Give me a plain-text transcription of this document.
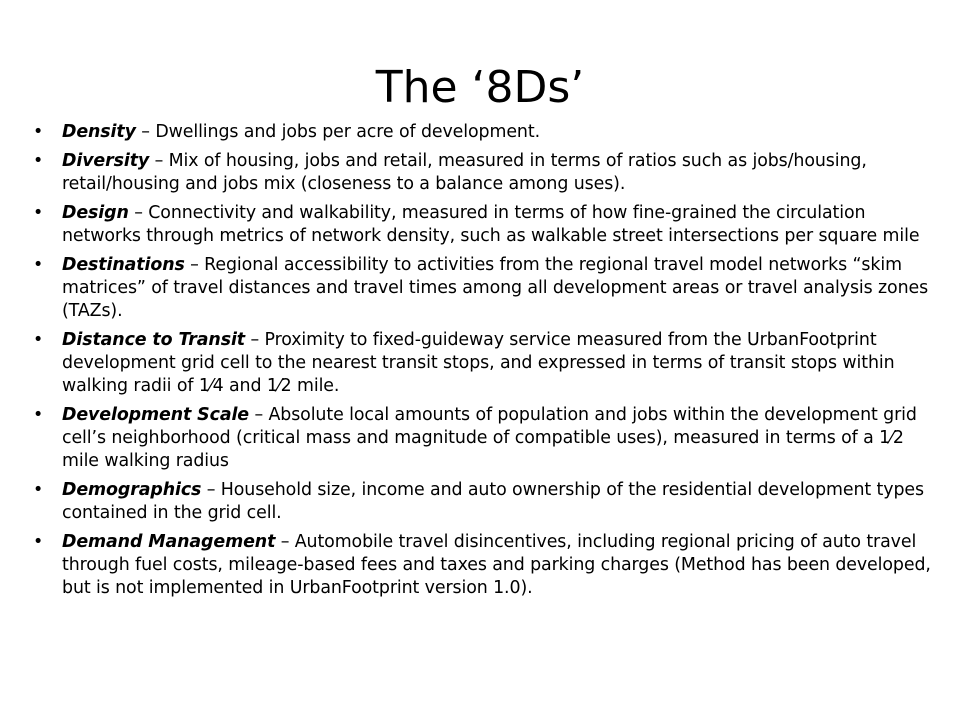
The ‘8Ds’
• Density – Dwellings and jobs per acre of development.
• Diversity – Mix of housing, jobs and retail, measured in terms of ratios such as jobs/housing, retail/housing and jobs mix (closeness to a balance among uses).
• Design – Connectivity and walkability, measured in terms of how fine-grained the circulation networks through metrics of network density, such as walkable street intersections per square mile
• Destinations – Regional accessibility to activities from the regional travel model networks “skim matrices” of travel distances and travel times among all development areas or travel analysis zones (TAZs).
• Distance to Transit – Proximity to fixed-guideway service measured from the UrbanFootprint development grid cell to the nearest transit stops, and expressed in terms of transit stops within walking radii of 1⁄4 and 1⁄2 mile.
• Development Scale – Absolute local amounts of population and jobs within the development grid cell’s neighborhood (critical mass and magnitude of compatible uses), measured in terms of a 1⁄2 mile walking radius
• Demographics – Household size, income and auto ownership of the residential development types contained in the grid cell.
• Demand Management – Automobile travel disincentives, including regional pricing of auto travel through fuel costs, mileage-based fees and taxes and parking charges (Method has been developed, but is not implemented in UrbanFootprint version 1.0).
